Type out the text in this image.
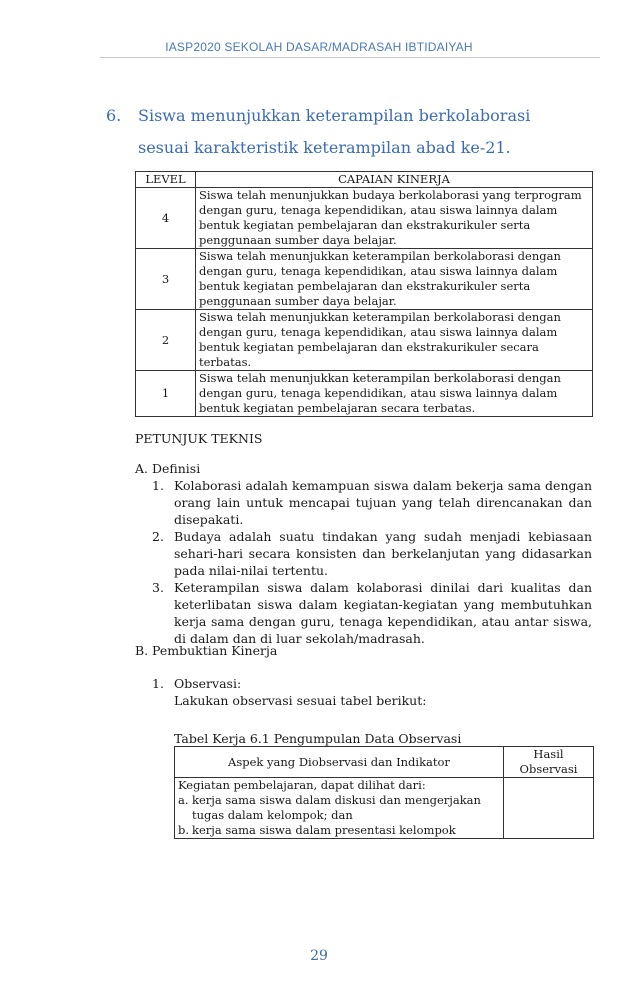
IASP2020 SEKOLAH DASAR/MADRASAH IBTIDAIYAH
6. Siswa menunjukkan keterampilan berkolaborasi sesuai karakteristik keterampilan abad ke-21.
LEVEL	CAPAIAN KINERJA
4	Siswa telah menunjukkan budaya berkolaborasi yang terprogram dengan guru, tenaga kependidikan, atau siswa lainnya dalam bentuk kegiatan pembelajaran dan ekstrakurikuler serta penggunaan sumber daya belajar.
3	Siswa telah menunjukkan keterampilan berkolaborasi dengan dengan guru, tenaga kependidikan, atau siswa lainnya dalam bentuk kegiatan pembelajaran dan ekstrakurikuler serta penggunaan sumber daya belajar.
2	Siswa telah menunjukkan keterampilan berkolaborasi dengan dengan guru, tenaga kependidikan, atau siswa lainnya dalam bentuk kegiatan pembelajaran dan ekstrakurikuler secara terbatas.
1	Siswa telah menunjukkan keterampilan berkolaborasi dengan dengan guru, tenaga kependidikan, atau siswa lainnya dalam bentuk kegiatan pembelajaran secara terbatas.
PETUNJUK TEKNIS
A. Definisi
1. Kolaborasi adalah kemampuan siswa dalam bekerja sama dengan orang lain untuk mencapai tujuan yang telah direncanakan dan disepakati.
2. Budaya adalah suatu tindakan yang sudah menjadi kebiasaan sehari-hari secara konsisten dan berkelanjutan yang didasarkan pada nilai-nilai tertentu.
3. Keterampilan siswa dalam kolaborasi dinilai dari kualitas dan keterlibatan siswa dalam kegiatan-kegiatan yang membutuhkan kerja sama dengan guru, tenaga kependidikan, atau antar siswa, di dalam dan di luar sekolah/madrasah.
B. Pembuktian Kinerja
1. Observasi:
Lakukan observasi sesuai tabel berikut:
Tabel Kerja 6.1 Pengumpulan Data Observasi
Aspek yang Diobservasi dan Indikator	Hasil Observasi

Kegiatan pembelajaran, dapat dilihat dari:
a. kerja sama siswa dalam diskusi dan mengerjakan tugas dalam kelompok; dan
b. kerja sama siswa dalam presentasi kelompok	

29
